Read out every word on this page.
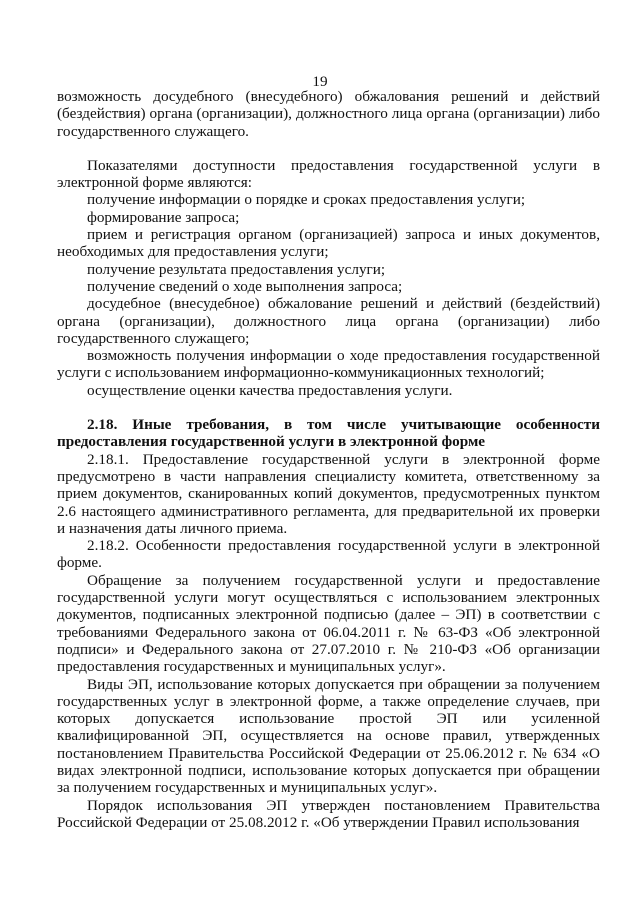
19

возможность досудебного (внесудебного) обжалования решений и действий (бездействия) органа (организации), должностного лица органа (организации) либо государственного служащего.

Показателями доступности предоставления государственной услуги в электронной форме являются:

получение информации о порядке и сроках предоставления услуги;

формирование запроса;

прием и регистрация органом (организацией) запроса и иных документов, необходимых для предоставления услуги;

получение результата предоставления услуги;

получение сведений о ходе выполнения запроса;

досудебное (внесудебное) обжалование решений и действий (бездействий) органа (организации), должностного лица органа (организации) либо государственного служащего;

возможность получения информации о ходе предоставления государственной услуги с использованием информационно-коммуникационных технологий;

осуществление оценки качества предоставления услуги.

2.18. Иные требования, в том числе учитывающие особенности предоставления государственной услуги в электронной форме

2.18.1. Предоставление государственной услуги в электронной форме предусмотрено в части направления специалисту комитета, ответственному за прием документов, сканированных копий документов, предусмотренных пунктом 2.6 настоящего административного регламента, для предварительной их проверки и назначения даты личного приема.

2.18.2. Особенности предоставления государственной услуги в электронной форме.

Обращение за получением государственной услуги и предоставление государственной услуги могут осуществляться с использованием электронных документов, подписанных электронной подписью (далее – ЭП) в соответствии с требованиями Федерального закона от 06.04.2011 г. № 63-ФЗ «Об электронной подписи» и Федерального закона от 27.07.2010 г. № 210-ФЗ «Об организации предоставления государственных и муниципальных услуг».

Виды ЭП, использование которых допускается при обращении за получением государственных услуг в электронной форме, а также определение случаев, при которых допускается использование простой ЭП или усиленной квалифицированной ЭП, осуществляется на основе правил, утвержденных постановлением Правительства Российской Федерации от 25.06.2012 г. № 634 «О видах электронной подписи, использование которых допускается при обращении за получением государственных и муниципальных услуг».

Порядок использования ЭП утвержден постановлением Правительства Российской Федерации от 25.08.2012 г. «Об утверждении Правил использования
